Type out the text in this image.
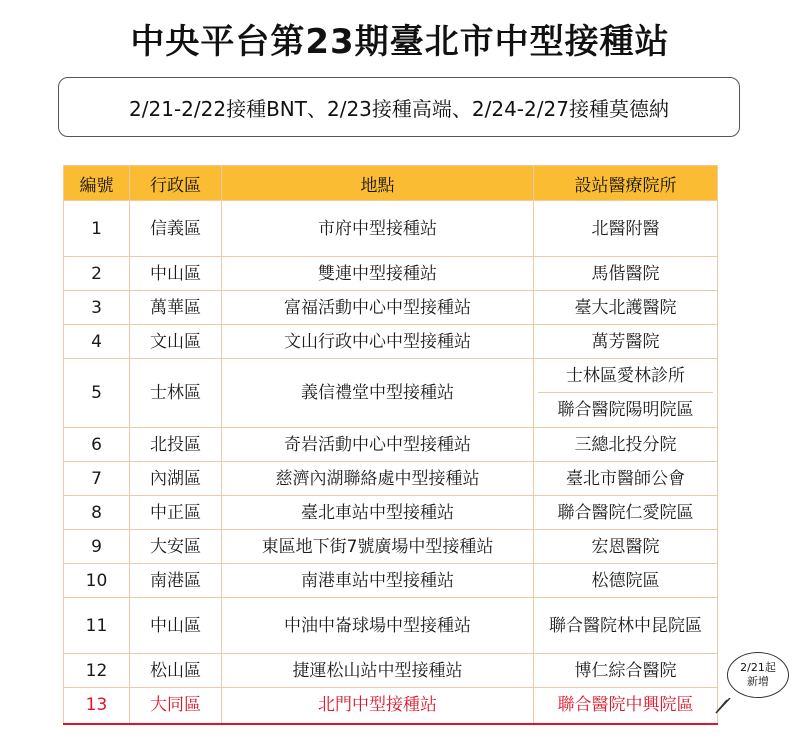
中央平台第23期臺北市中型接種站
2/21-2/22接種BNT、2/23接種高端、2/24-2/27接種莫德納
編號	行政區	地點	設站醫療院所
1	信義區	市府中型接種站	北醫附醫
2	中山區	雙連中型接種站	馬偕醫院
3	萬華區	富福活動中心中型接種站	臺大北護醫院
4	文山區	文山行政中心中型接種站	萬芳醫院
5	士林區	義信禮堂中型接種站	士林區愛林診所
聯合醫院陽明院區

6	北投區	奇岩活動中心中型接種站	三總北投分院
7	內湖區	慈濟內湖聯絡處中型接種站	臺北市醫師公會
8	中正區	臺北車站中型接種站	聯合醫院仁愛院區
9	大安區	東區地下街7號廣場中型接種站	宏恩醫院
10	南港區	南港車站中型接種站	松德院區
11	中山區	中油中崙球場中型接種站	聯合醫院林中昆院區
12	松山區	捷運松山站中型接種站	博仁綜合醫院
13	大同區	北門中型接種站	聯合醫院中興院區
2/21起
新增
